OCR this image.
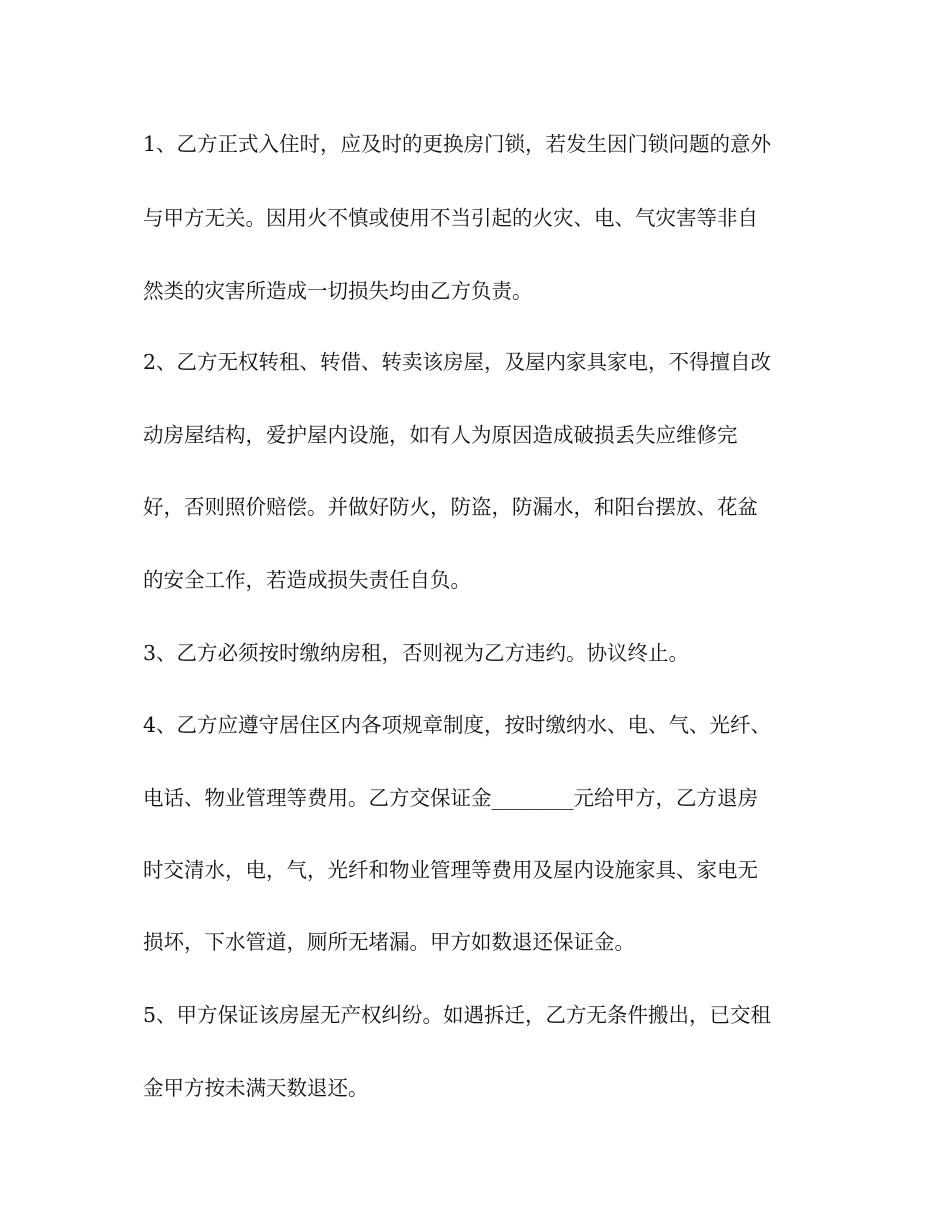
1、乙方正式入住时，应及时的更换房门锁，若发生因门锁问题的意外
与甲方无关。因用火不慎或使用不当引起的火灾、电、气灾害等非自
然类的灾害所造成一切损失均由乙方负责。
2、乙方无权转租、转借、转卖该房屋，及屋内家具家电，不得擅自改
动房屋结构，爱护屋内设施，如有人为原因造成破损丢失应维修完
好，否则照价赔偿。并做好防火，防盗，防漏水，和阳台摆放、花盆
的安全工作，若造成损失责任自负。
3、乙方必须按时缴纳房租，否则视为乙方违约。协议终止。
4、乙方应遵守居住区内各项规章制度，按时缴纳水、电、气、光纤、
电话、物业管理等费用。乙方交保证金________元给甲方，乙方退房
时交清水，电，气，光纤和物业管理等费用及屋内设施家具、家电无
损坏，下水管道，厕所无堵漏。甲方如数退还保证金。
5、甲方保证该房屋无产权纠纷。如遇拆迁，乙方无条件搬出，已交租
金甲方按未满天数退还。
